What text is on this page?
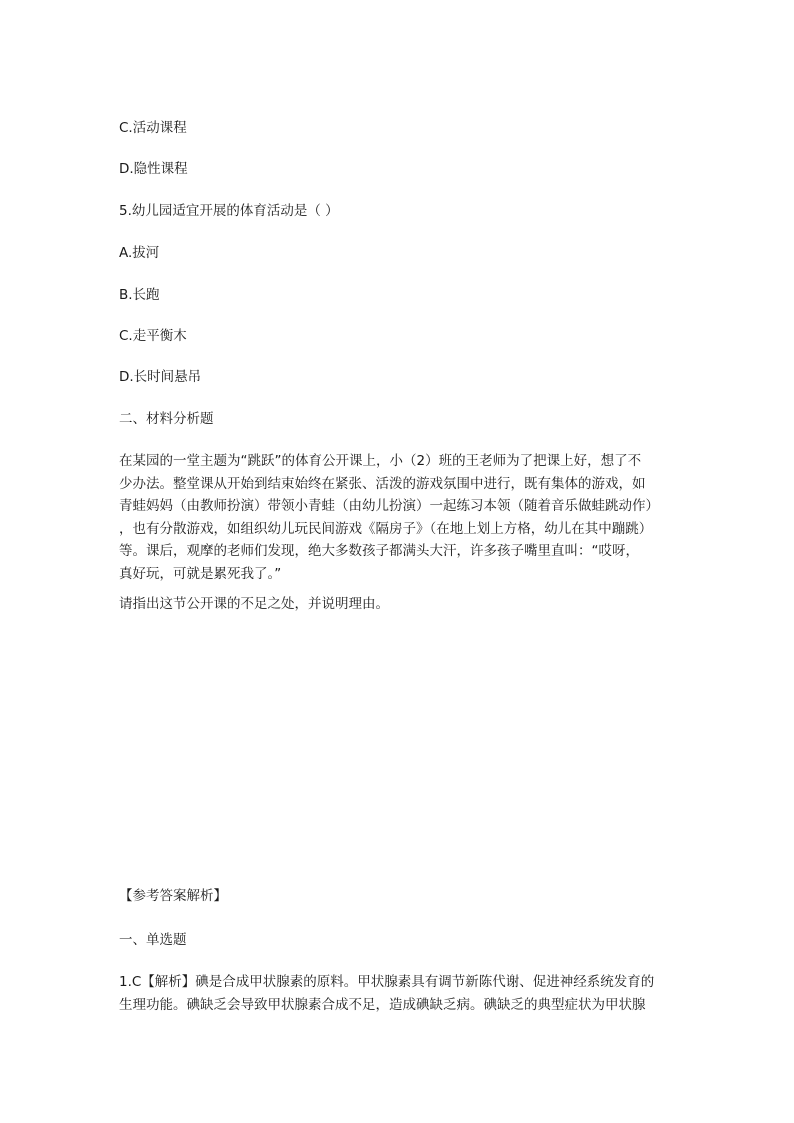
C.活动课程
D.隐性课程
5.幼儿园适宜开展的体育活动是（ ）
A.拔河
B.长跑
C.走平衡木
D.长时间悬吊
二、材料分析题
在某园的一堂主题为“跳跃”的体育公开课上，小（2）班的王老师为了把课上好，想了不
少办法。整堂课从开始到结束始终在紧张、活泼的游戏氛围中进行，既有集体的游戏，如
青蛙妈妈（由教师扮演）带领小青蛙（由幼儿扮演）一起练习本领（随着音乐做蛙跳动作）
，也有分散游戏，如组织幼儿玩民间游戏《隔房子》（在地上划上方格，幼儿在其中蹦跳）
等。课后，观摩的老师们发现，绝大多数孩子都满头大汗，许多孩子嘴里直叫：“哎呀，
真好玩，可就是累死我了。”
请指出这节公开课的不足之处，并说明理由。
【参考答案解析】
一、单选题
1.C【解析】碘是合成甲状腺素的原料。甲状腺素具有调节新陈代谢、促进神经系统发育的
生理功能。碘缺乏会导致甲状腺素合成不足，造成碘缺乏病。碘缺乏的典型症状为甲状腺
